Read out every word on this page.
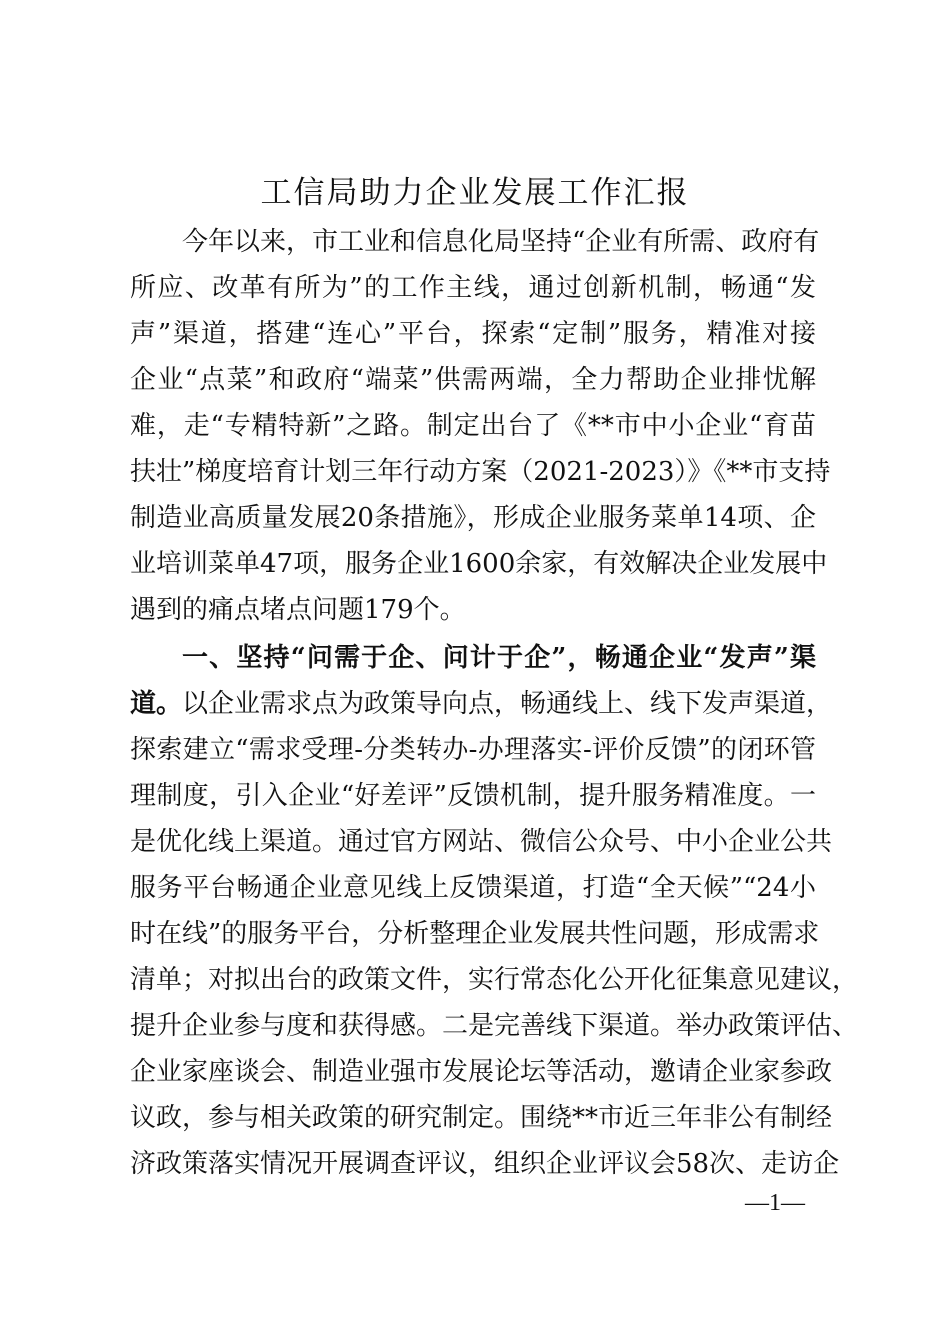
工信局助力企业发展工作汇报
今年以来，市工业和信息化局坚持“企业有所需、政府有
所应、改革有所为”的工作主线，通过创新机制，畅通“发
声”渠道，搭建“连心”平台，探索“定制”服务，精准对接
企业“点菜”和政府“端菜”供需两端，全力帮助企业排忧解
难，走“专精特新”之路。制定出台了《**市中小企业“育苗
扶壮”梯度培育计划三年行动方案（2021-2023）》《**市支持
制造业高质量发展20条措施》，形成企业服务菜单14项、企
业培训菜单47项，服务企业1600余家，有效解决企业发展中
遇到的痛点堵点问题179个。
一、坚持“问需于企、问计于企”，畅通企业“发声”渠
道。以企业需求点为政策导向点，畅通线上、线下发声渠道，
探索建立“需求受理-分类转办-办理落实-评价反馈”的闭环管
理制度，引入企业“好差评”反馈机制，提升服务精准度。一
是优化线上渠道。通过官方网站、微信公众号、中小企业公共
服务平台畅通企业意见线上反馈渠道，打造“全天候”“24小
时在线”的服务平台，分析整理企业发展共性问题，形成需求
清单；对拟出台的政策文件，实行常态化公开化征集意见建议，
提升企业参与度和获得感。二是完善线下渠道。举办政策评估、
企业家座谈会、制造业强市发展论坛等活动，邀请企业家参政
议政，参与相关政策的研究制定。围绕**市近三年非公有制经
济政策落实情况开展调查评议，组织企业评议会58次、走访企
—1—
